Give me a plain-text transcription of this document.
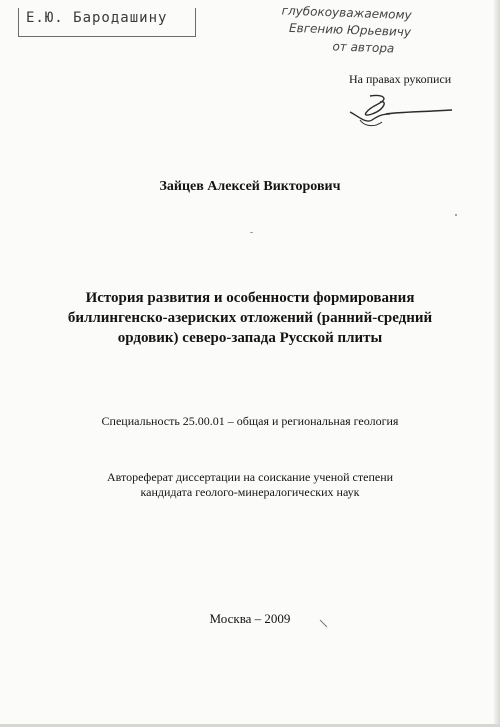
Е.Ю. Бародашину	глубокоуважаемому
Евгению Юрьевичу
от автора
На правах рукописи
Зайцев Алексей Викторович
История развития и особенности формирования
биллингенско-азериских отложений (ранний-средний
ордовик) северо-запада Русской плиты
Специальность 25.00.01 – общая и региональная геология
Автореферат диссертации на соискание ученой степени
кандидата геолого-минералогических наук
Москва – 2009
